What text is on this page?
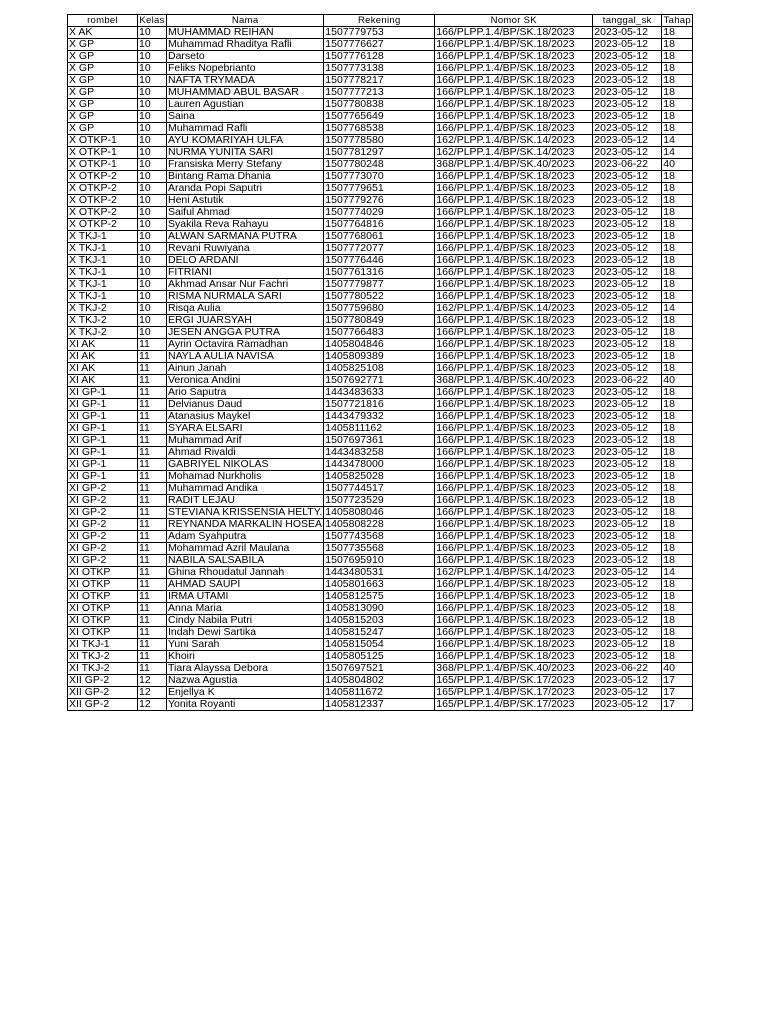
rombel	Kelas	Nama	Rekening	Nomor SK	tanggal_sk	Tahap
X AK	10	MUHAMMAD REIHAN	1507779753	166/PLPP.1.4/BP/SK.18/2023	2023-05-12	18
X GP	10	Muhammad Rhaditya Rafli	1507776627	166/PLPP.1.4/BP/SK.18/2023	2023-05-12	18
X GP	10	Darseto	1507776128	166/PLPP.1.4/BP/SK.18/2023	2023-05-12	18
X GP	10	Feliks Nopebrianto	1507773138	166/PLPP.1.4/BP/SK.18/2023	2023-05-12	18
X GP	10	NAFTA TRYMADA	1507778217	166/PLPP.1.4/BP/SK.18/2023	2023-05-12	18
X GP	10	MUHAMMAD ABUL BASAR	1507777213	166/PLPP.1.4/BP/SK.18/2023	2023-05-12	18
X GP	10	Lauren Agustian	1507780838	166/PLPP.1.4/BP/SK.18/2023	2023-05-12	18
X GP	10	Saina	1507765649	166/PLPP.1.4/BP/SK.18/2023	2023-05-12	18
X GP	10	Muhammad Rafli	1507768538	166/PLPP.1.4/BP/SK.18/2023	2023-05-12	18
X OTKP-1	10	AYU KOMARIYAH ULFA	1507778580	162/PLPP.1.4/BP/SK.14/2023	2023-05-12	14
X OTKP-1	10	NURMA YUNITA SARI	1507781297	162/PLPP.1.4/BP/SK.14/2023	2023-05-12	14
X OTKP-1	10	Fransiska Merry Stefany	1507780248	368/PLPP.1.4/BP/SK.40/2023	2023-06-22	40
X OTKP-2	10	Bintang Rama Dhania	1507773070	166/PLPP.1.4/BP/SK.18/2023	2023-05-12	18
X OTKP-2	10	Aranda Popi Saputri	1507779651	166/PLPP.1.4/BP/SK.18/2023	2023-05-12	18
X OTKP-2	10	Heni Astutik	1507779276	166/PLPP.1.4/BP/SK.18/2023	2023-05-12	18
X OTKP-2	10	Saiful Ahmad	1507774029	166/PLPP.1.4/BP/SK.18/2023	2023-05-12	18
X OTKP-2	10	Syakila Reva Rahayu	1507764816	166/PLPP.1.4/BP/SK.18/2023	2023-05-12	18
X TKJ-1	10	ALWAN SARMANA PUTRA	1507768061	166/PLPP.1.4/BP/SK.18/2023	2023-05-12	18
X TKJ-1	10	Revani Ruwiyana	1507772077	166/PLPP.1.4/BP/SK.18/2023	2023-05-12	18
X TKJ-1	10	DELO ARDANI	1507776446	166/PLPP.1.4/BP/SK.18/2023	2023-05-12	18
X TKJ-1	10	FITRIANI	1507761316	166/PLPP.1.4/BP/SK.18/2023	2023-05-12	18
X TKJ-1	10	Akhmad Ansar Nur Fachri	1507779877	166/PLPP.1.4/BP/SK.18/2023	2023-05-12	18
X TKJ-1	10	RISMA NURMALA SARI	1507780522	166/PLPP.1.4/BP/SK.18/2023	2023-05-12	18
X TKJ-2	10	Risqa Aulia	1507759680	162/PLPP.1.4/BP/SK.14/2023	2023-05-12	14
X TKJ-2	10	ERGI JUARSYAH	1507780849	166/PLPP.1.4/BP/SK.18/2023	2023-05-12	18
X TKJ-2	10	JESEN ANGGA PUTRA	1507766483	166/PLPP.1.4/BP/SK.18/2023	2023-05-12	18
XI AK	11	Ayrin Octavira Ramadhan	1405804846	166/PLPP.1.4/BP/SK.18/2023	2023-05-12	18
XI AK	11	NAYLA AULIA NAVISA	1405809389	166/PLPP.1.4/BP/SK.18/2023	2023-05-12	18
XI AK	11	Ainun Janah	1405825108	166/PLPP.1.4/BP/SK.18/2023	2023-05-12	18
XI AK	11	Veronica Andini	1507692771	368/PLPP.1.4/BP/SK.40/2023	2023-06-22	40
XI GP-1	11	Ario Saputra	1443483633	166/PLPP.1.4/BP/SK.18/2023	2023-05-12	18
XI GP-1	11	Delvianus Daud	1507721816	166/PLPP.1.4/BP/SK.18/2023	2023-05-12	18
XI GP-1	11	Atanasius Maykel	1443479332	166/PLPP.1.4/BP/SK.18/2023	2023-05-12	18
XI GP-1	11	SYARA ELSARI	1405811162	166/PLPP.1.4/BP/SK.18/2023	2023-05-12	18
XI GP-1	11	Muhammad Arif	1507697361	166/PLPP.1.4/BP/SK.18/2023	2023-05-12	18
XI GP-1	11	Ahmad Rivaldi	1443483258	166/PLPP.1.4/BP/SK.18/2023	2023-05-12	18
XI GP-1	11	GABRIYEL NIKOLAS	1443478000	166/PLPP.1.4/BP/SK.18/2023	2023-05-12	18
XI GP-1	11	Mohamad Nurkholis	1405825028	166/PLPP.1.4/BP/SK.18/2023	2023-05-12	18
XI GP-2	11	Muhammad Andika	1507744517	166/PLPP.1.4/BP/SK.18/2023	2023-05-12	18
XI GP-2	11	RADIT LEJAU	1507723529	166/PLPP.1.4/BP/SK.18/2023	2023-05-12	18
XI GP-2	11	STEVIANA KRISSENSIA HELTY.	1405808046	166/PLPP.1.4/BP/SK.18/2023	2023-05-12	18
XI GP-2	11	REYNANDA MARKALIN HOSEA	1405808228	166/PLPP.1.4/BP/SK.18/2023	2023-05-12	18
XI GP-2	11	Adam Syahputra	1507743568	166/PLPP.1.4/BP/SK.18/2023	2023-05-12	18
XI GP-2	11	Mohammad Azril Maulana	1507735568	166/PLPP.1.4/BP/SK.18/2023	2023-05-12	18
XI GP-2	11	NABILA SALSABILA	1507695910	166/PLPP.1.4/BP/SK.18/2023	2023-05-12	18
XI OTKP	11	Ghina Rhoudatul Jannah	1443480531	162/PLPP.1.4/BP/SK.14/2023	2023-05-12	14
XI OTKP	11	AHMAD SAUPI	1405801663	166/PLPP.1.4/BP/SK.18/2023	2023-05-12	18
XI OTKP	11	IRMA UTAMI	1405812575	166/PLPP.1.4/BP/SK.18/2023	2023-05-12	18
XI OTKP	11	Anna Maria	1405813090	166/PLPP.1.4/BP/SK.18/2023	2023-05-12	18
XI OTKP	11	Cindy Nabila Putri	1405815203	166/PLPP.1.4/BP/SK.18/2023	2023-05-12	18
XI OTKP	11	Indah Dewi Sartika	1405815247	166/PLPP.1.4/BP/SK.18/2023	2023-05-12	18
XI TKJ-1	11	Yuni Sarah	1405815054	166/PLPP.1.4/BP/SK.18/2023	2023-05-12	18
XI TKJ-2	11	Khoiri	1405805125	166/PLPP.1.4/BP/SK.18/2023	2023-05-12	18
XI TKJ-2	11	Tiara Alayssa Debora	1507697521	368/PLPP.1.4/BP/SK.40/2023	2023-06-22	40
XII GP-2	12	Nazwa Agustia	1405804802	165/PLPP.1.4/BP/SK.17/2023	2023-05-12	17
XII GP-2	12	Enjellya K	1405811672	165/PLPP.1.4/BP/SK.17/2023	2023-05-12	17
XII GP-2	12	Yonita Royanti	1405812337	165/PLPP.1.4/BP/SK.17/2023	2023-05-12	17
